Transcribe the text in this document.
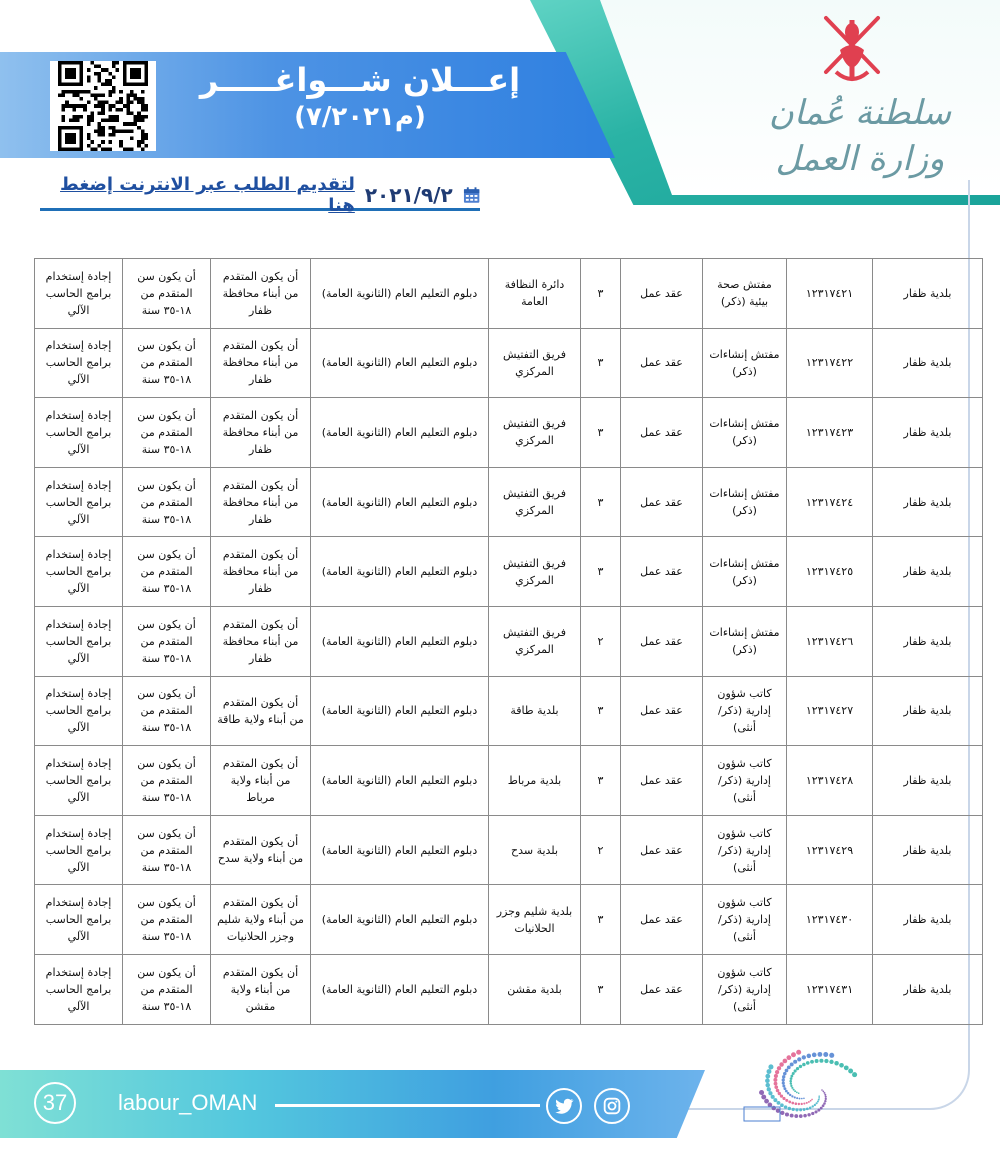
إعـــلان شـــواغـــــر
(م٧/٢٠٢١)	سلطنة عُمان
وزارة العمل
٢٠٢١/٩/٢
لتقديم الطلب عبر الانترنت إضغط هنا
بلدية ظفار	١٢٣١٧٤٢١	مفتش صحة بيئية (ذكر)	عقد عمل	٣	دائرة النظافة العامة	دبلوم التعليم العام (الثانوية العامة)	أن يكون المتقدم من أبناء محافظة ظفار	أن يكون سن المتقدم من ١٨-٣٥ سنة	إجادة إستخدام برامج الحاسب الآلي
بلدية ظفار	١٢٣١٧٤٢٢	مفتش إنشاءات (ذكر)	عقد عمل	٣	فريق التفتيش المركزي	دبلوم التعليم العام (الثانوية العامة)	أن يكون المتقدم من أبناء محافظة ظفار	أن يكون سن المتقدم من ١٨-٣٥ سنة	إجادة إستخدام برامج الحاسب الآلي
بلدية ظفار	١٢٣١٧٤٢٣	مفتش إنشاءات (ذكر)	عقد عمل	٣	فريق التفتيش المركزي	دبلوم التعليم العام (الثانوية العامة)	أن يكون المتقدم من أبناء محافظة ظفار	أن يكون سن المتقدم من ١٨-٣٥ سنة	إجادة إستخدام برامج الحاسب الآلي
بلدية ظفار	١٢٣١٧٤٢٤	مفتش إنشاءات (ذكر)	عقد عمل	٣	فريق التفتيش المركزي	دبلوم التعليم العام (الثانوية العامة)	أن يكون المتقدم من أبناء محافظة ظفار	أن يكون سن المتقدم من ١٨-٣٥ سنة	إجادة إستخدام برامج الحاسب الآلي
بلدية ظفار	١٢٣١٧٤٢٥	مفتش إنشاءات (ذكر)	عقد عمل	٣	فريق التفتيش المركزي	دبلوم التعليم العام (الثانوية العامة)	أن يكون المتقدم من أبناء محافظة ظفار	أن يكون سن المتقدم من ١٨-٣٥ سنة	إجادة إستخدام برامج الحاسب الآلي
بلدية ظفار	١٢٣١٧٤٢٦	مفتش إنشاءات (ذكر)	عقد عمل	٢	فريق التفتيش المركزي	دبلوم التعليم العام (الثانوية العامة)	أن يكون المتقدم من أبناء محافظة ظفار	أن يكون سن المتقدم من ١٨-٣٥ سنة	إجادة إستخدام برامج الحاسب الآلي
بلدية ظفار	١٢٣١٧٤٢٧	كاتب شؤون إدارية (ذكر/أنثى)	عقد عمل	٣	بلدية طاقة	دبلوم التعليم العام (الثانوية العامة)	أن يكون المتقدم من أبناء ولاية طاقة	أن يكون سن المتقدم من ١٨-٣٥ سنة	إجادة إستخدام برامج الحاسب الآلي
بلدية ظفار	١٢٣١٧٤٢٨	كاتب شؤون إدارية (ذكر/أنثى)	عقد عمل	٣	بلدية مرباط	دبلوم التعليم العام (الثانوية العامة)	أن يكون المتقدم من أبناء ولاية مرباط	أن يكون سن المتقدم من ١٨-٣٥ سنة	إجادة إستخدام برامج الحاسب الآلي
بلدية ظفار	١٢٣١٧٤٢٩	كاتب شؤون إدارية (ذكر/أنثى)	عقد عمل	٢	بلدية سدح	دبلوم التعليم العام (الثانوية العامة)	أن يكون المتقدم من أبناء ولاية سدح	أن يكون سن المتقدم من ١٨-٣٥ سنة	إجادة إستخدام برامج الحاسب الآلي
بلدية ظفار	١٢٣١٧٤٣٠	كاتب شؤون إدارية (ذكر/أنثى)	عقد عمل	٣	بلدية شليم وجزر الحلانيات	دبلوم التعليم العام (الثانوية العامة)	أن يكون المتقدم من أبناء ولاية شليم وجزر الحلانيات	أن يكون سن المتقدم من ١٨-٣٥ سنة	إجادة إستخدام برامج الحاسب الآلي
بلدية ظفار	١٢٣١٧٤٣١	كاتب شؤون إدارية (ذكر/أنثى)	عقد عمل	٣	بلدية مقشن	دبلوم التعليم العام (الثانوية العامة)	أن يكون المتقدم من أبناء ولاية مقشن	أن يكون سن المتقدم من ١٨-٣٥ سنة	إجادة إستخدام برامج الحاسب الآلي
37	labour_OMAN
